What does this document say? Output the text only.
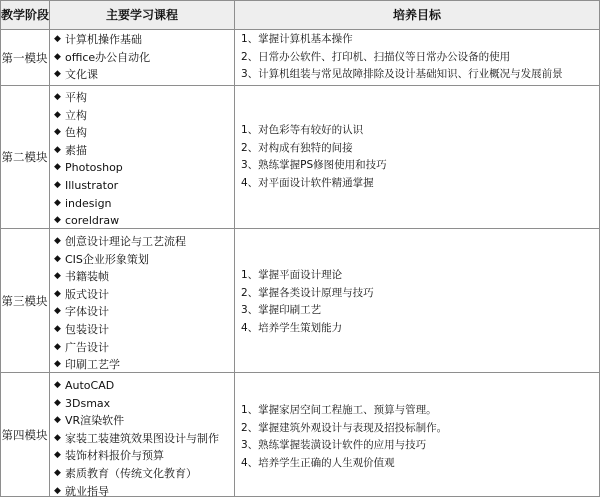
教学阶段	主要学习课程	培养目标
第一模块
◆ 计算机操作基础
◆ office办公自动化
◆ 文化课
1、掌握计算机基本操作
2、日常办公软件、打印机、扫描仪等日常办公设备的使用
3、计算机组装与常见故障排除及设计基础知识、行业概况与发展前景
第二模块
◆ 平构
◆ 立构
◆ 色构
◆ 素描
◆ Photoshop
◆ Illustrator
◆ indesign
◆ coreldraw
1、对色彩等有较好的认识
2、对构成有独特的间接
3、熟练掌握PS修图使用和技巧
4、对平面设计软件精通掌握
第三模块
◆ 创意设计理论与工艺流程
◆ CIS企业形象策划
◆ 书籍装帧
◆ 版式设计
◆ 字体设计
◆ 包装设计
◆ 广告设计
◆ 印刷工艺学
1、掌握平面设计理论
2、掌握各类设计原理与技巧
3、掌握印刷工艺
4、培养学生策划能力
第四模块
◆ AutoCAD
◆ 3Dsmax
◆ VR渲染软件
◆ 家装工装建筑效果图设计与制作
◆ 装饰材料报价与预算
◆ 素质教育（传统文化教育）
◆ 就业指导
1、掌握家居空间工程施工、预算与管理。
2、掌握建筑外观设计与表现及招投标制作。
3、熟练掌握装潢设计软件的应用与技巧
4、培养学生正确的人生观价值观
